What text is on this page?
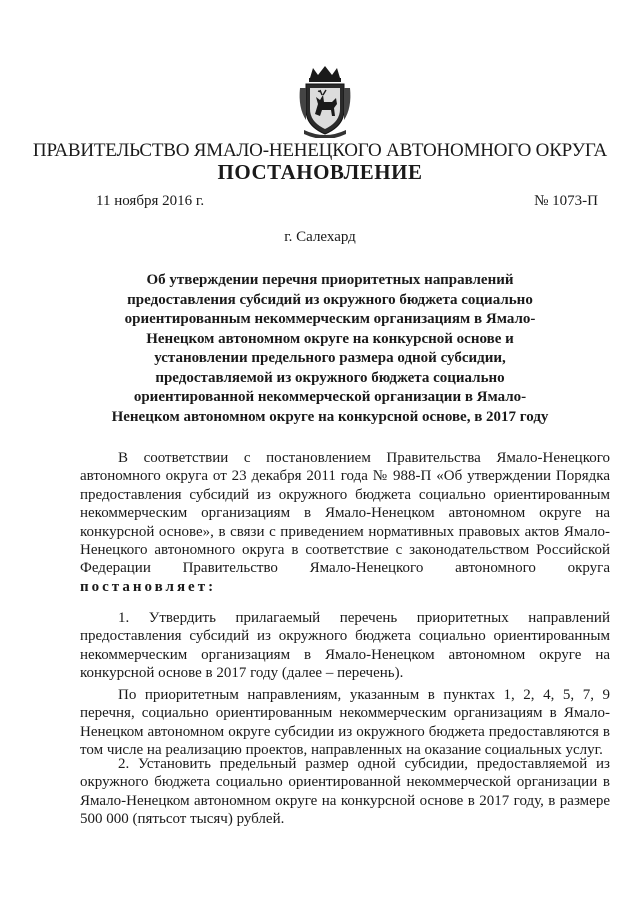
ПРАВИТЕЛЬСТВО ЯМАЛО-НЕНЕЦКОГО АВТОНОМНОГО ОКРУГА
ПОСТАНОВЛЕНИЕ
11 ноября 2016 г.	№ 1073-П
г. Салехард
Об утверждении перечня приоритетных направлений предоставления субсидий из окружного бюджета социально ориентированным некоммерческим организациям в Ямало-Ненецком автономном округе на конкурсной основе и установлении предельного размера одной субсидии, предоставляемой из окружного бюджета социально ориентированной некоммерческой организации в Ямало-Ненецком автономном округе на конкурсной основе, в 2017 году
В соответствии с постановлением Правительства Ямало-Ненецкого автономного округа от 23 декабря 2011 года № 988-П «Об утверждении Порядка предоставления субсидий из окружного бюджета социально ориентированным некоммерческим организациям в Ямало-Ненецком автономном округе на конкурсной основе», в связи с приведением нормативных правовых актов Ямало-Ненецкого автономного округа в соответствие с законодательством Российской Федерации Правительство Ямало-Ненецкого автономного округа постановляет:
1. Утвердить прилагаемый перечень приоритетных направлений предоставления субсидий из окружного бюджета социально ориентированным некоммерческим организациям в Ямало-Ненецком автономном округе на конкурсной основе в 2017 году (далее – перечень).
По приоритетным направлениям, указанным в пунктах 1, 2, 4, 5, 7, 9 перечня, социально ориентированным некоммерческим организациям в Ямало-Ненецком автономном округе субсидии из окружного бюджета предоставляются в том числе на реализацию проектов, направленных на оказание социальных услуг.
2. Установить предельный размер одной субсидии, предоставляемой из окружного бюджета социально ориентированной некоммерческой организации в Ямало-Ненецком автономном округе на конкурсной основе в 2017 году, в размере 500 000 (пятьсот тысяч) рублей.
